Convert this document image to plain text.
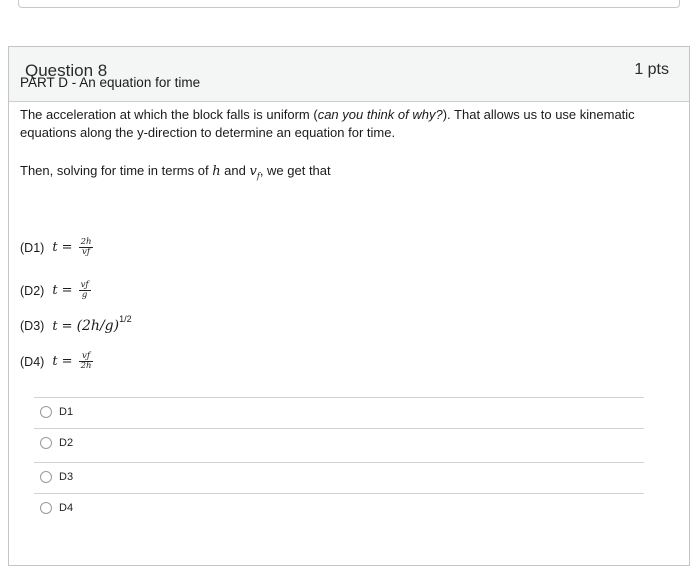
Question 8	1 pts
PART D - An equation for time
The acceleration at which the block falls is uniform (can you think of why?). That allows us to use kinematic equations along the y-direction to determine an equation for time.
Then, solving for time in terms of h and $v_f$, we get that
(D1) $t = \frac{2h}{vƒ}$
(D2) $t = \frac{vƒ}{g}$
(D3) t = (2h/g) 1/2
(D4) $t = \frac{vƒ}{2h}$
D1
D2
D3
D4
